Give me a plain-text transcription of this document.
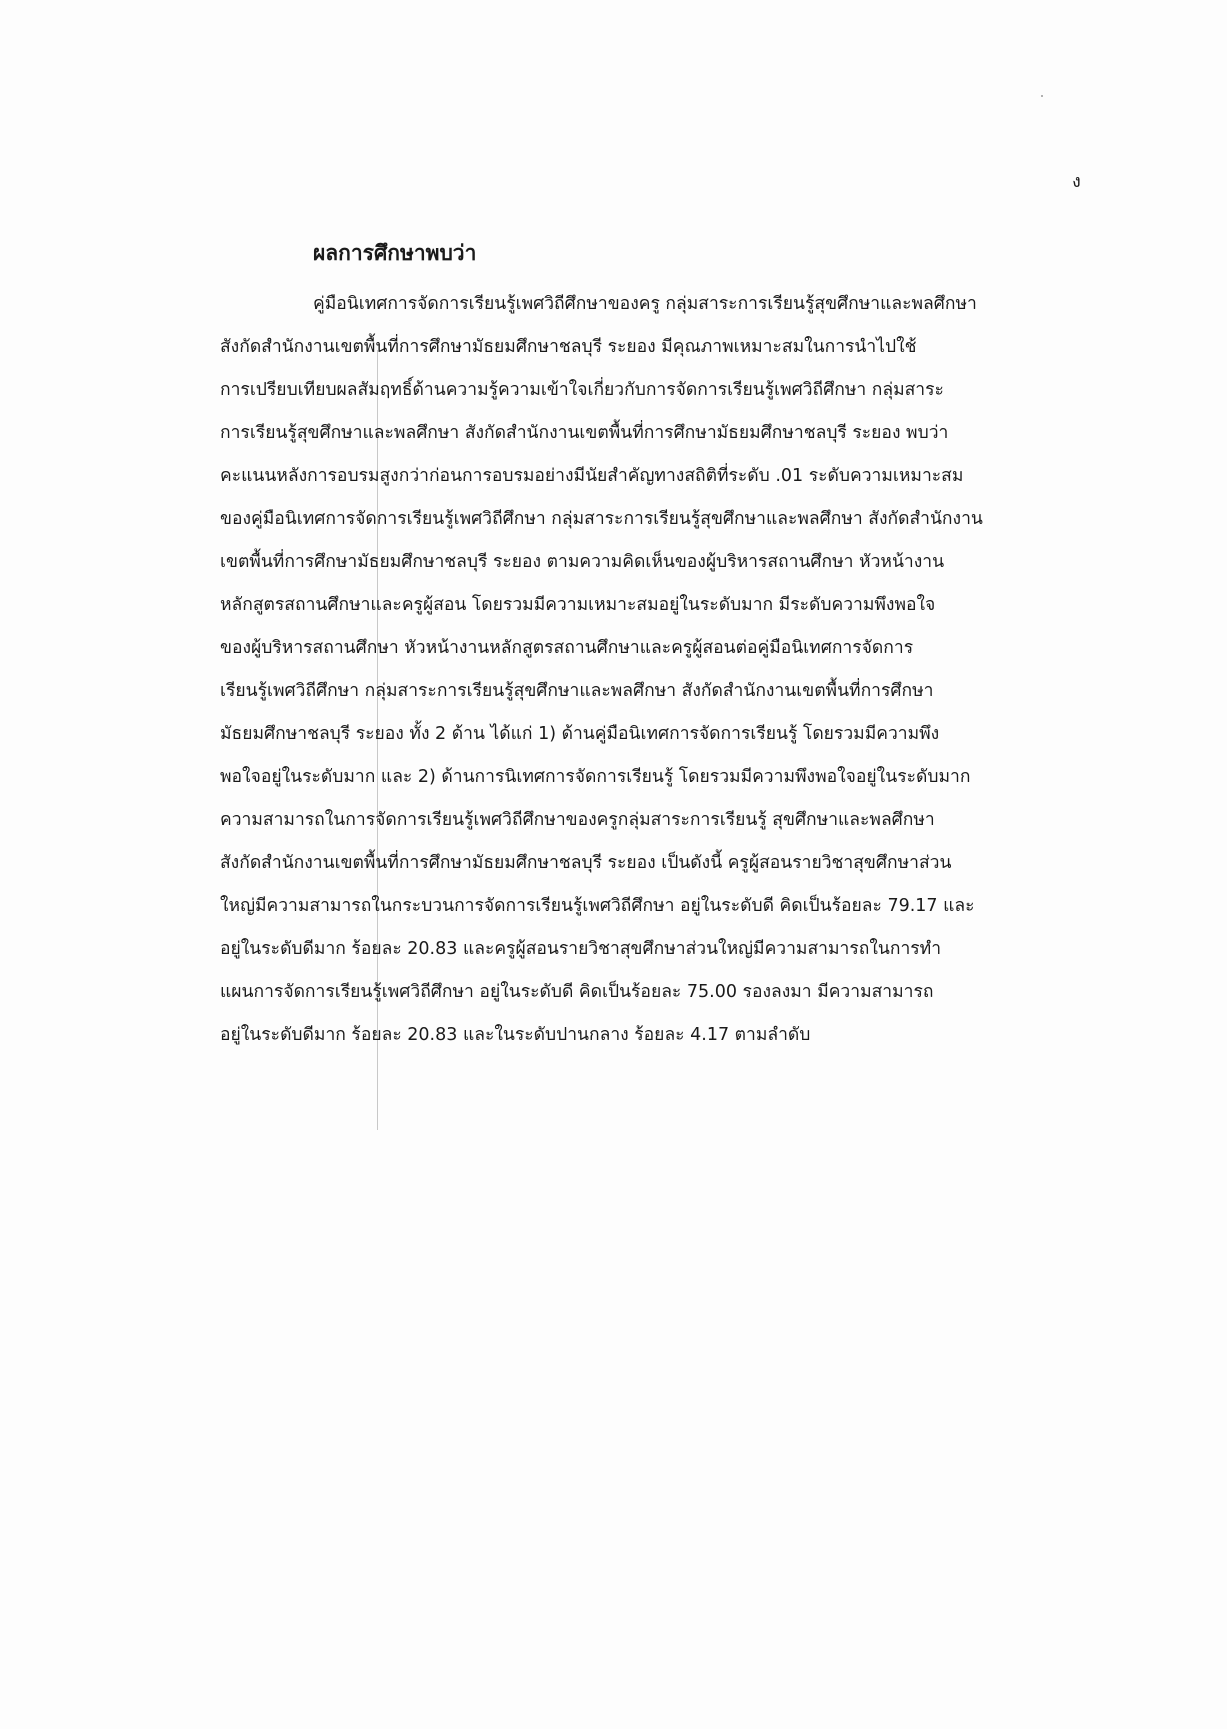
ง
ผลการศึกษาพบว่า
คู่มือนิเทศการจัดการเรียนรู้เพศวิถีศึกษาของครู กลุ่มสาระการเรียนรู้สุขศึกษาและพลศึกษา
สังกัดสำนักงานเขตพื้นที่การศึกษามัธยมศึกษาชลบุรี ระยอง มีคุณภาพเหมาะสมในการนำไปใช้
การเปรียบเทียบผลสัมฤทธิ์ด้านความรู้ความเข้าใจเกี่ยวกับการจัดการเรียนรู้เพศวิถีศึกษา กลุ่มสาระ
การเรียนรู้สุขศึกษาและพลศึกษา สังกัดสำนักงานเขตพื้นที่การศึกษามัธยมศึกษาชลบุรี ระยอง พบว่า
คะแนนหลังการอบรมสูงกว่าก่อนการอบรมอย่างมีนัยสำคัญทางสถิติที่ระดับ .01 ระดับความเหมาะสม
ของคู่มือนิเทศการจัดการเรียนรู้เพศวิถีศึกษา กลุ่มสาระการเรียนรู้สุขศึกษาและพลศึกษา สังกัดสำนักงาน
เขตพื้นที่การศึกษามัธยมศึกษาชลบุรี ระยอง ตามความคิดเห็นของผู้บริหารสถานศึกษา หัวหน้างาน
หลักสูตรสถานศึกษาและครูผู้สอน โดยรวมมีความเหมาะสมอยู่ในระดับมาก มีระดับความพึงพอใจ
ของผู้บริหารสถานศึกษา หัวหน้างานหลักสูตรสถานศึกษาและครูผู้สอนต่อคู่มือนิเทศการจัดการ
เรียนรู้เพศวิถีศึกษา กลุ่มสาระการเรียนรู้สุขศึกษาและพลศึกษา สังกัดสำนักงานเขตพื้นที่การศึกษา
มัธยมศึกษาชลบุรี ระยอง ทั้ง 2 ด้าน ได้แก่ 1) ด้านคู่มือนิเทศการจัดการเรียนรู้ โดยรวมมีความพึง
พอใจอยู่ในระดับมาก และ 2) ด้านการนิเทศการจัดการเรียนรู้ โดยรวมมีความพึงพอใจอยู่ในระดับมาก
ความสามารถในการจัดการเรียนรู้เพศวิถีศึกษาของครูกลุ่มสาระการเรียนรู้ สุขศึกษาและพลศึกษา
สังกัดสำนักงานเขตพื้นที่การศึกษามัธยมศึกษาชลบุรี ระยอง เป็นดังนี้ ครูผู้สอนรายวิชาสุขศึกษาส่วน
ใหญ่มีความสามารถในกระบวนการจัดการเรียนรู้เพศวิถีศึกษา อยู่ในระดับดี คิดเป็นร้อยละ 79.17 และ
อยู่ในระดับดีมาก ร้อยละ 20.83 และครูผู้สอนรายวิชาสุขศึกษาส่วนใหญ่มีความสามารถในการทำ
แผนการจัดการเรียนรู้เพศวิถีศึกษา อยู่ในระดับดี คิดเป็นร้อยละ 75.00 รองลงมา มีความสามารถ
อยู่ในระดับดีมาก ร้อยละ 20.83 และในระดับปานกลาง ร้อยละ 4.17 ตามลำดับ
